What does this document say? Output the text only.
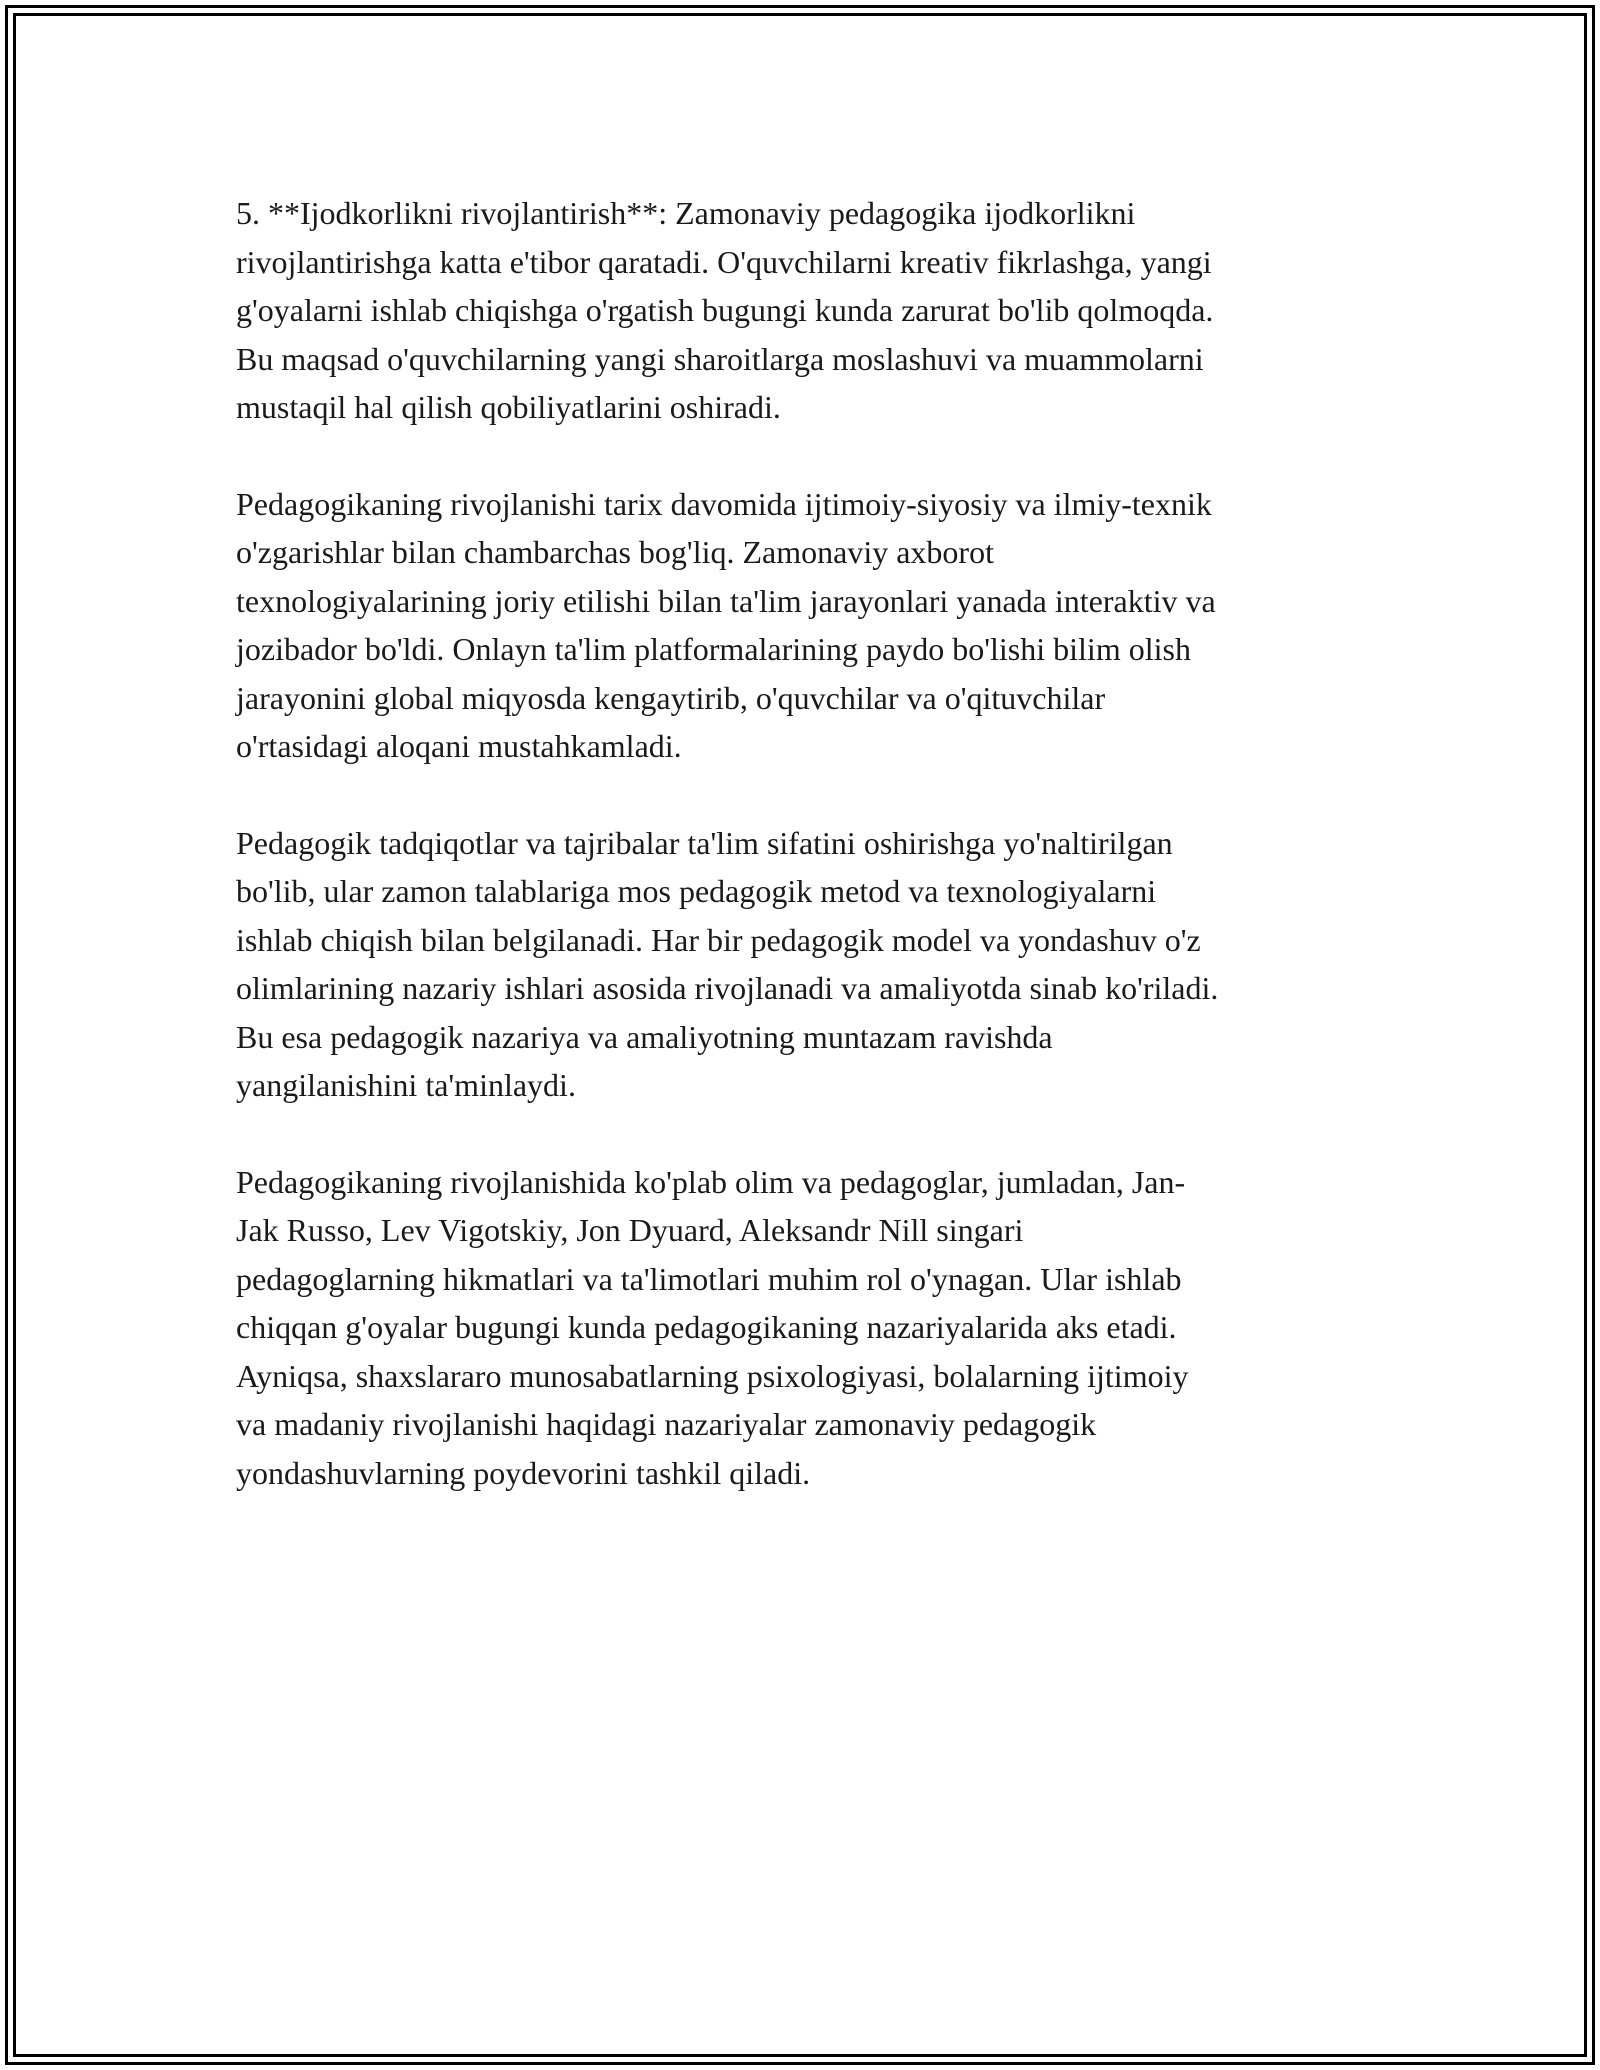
5. **Ijodkorlikni rivojlantirish**: Zamonaviy pedagogika ijodkorlikni
rivojlantirishga katta e'tibor qaratadi. O'quvchilarni kreativ fikrlashga, yangi
g'oyalarni ishlab chiqishga o'rgatish bugungi kunda zarurat bo'lib qolmoqda.
Bu maqsad o'quvchilarning yangi sharoitlarga moslashuvi va muammolarni
mustaqil hal qilish qobiliyatlarini oshiradi.

Pedagogikaning rivojlanishi tarix davomida ijtimoiy-siyosiy va ilmiy-texnik
o'zgarishlar bilan chambarchas bog'liq. Zamonaviy axborot
texnologiyalarining joriy etilishi bilan ta'lim jarayonlari yanada interaktiv va
jozibador bo'ldi. Onlayn ta'lim platformalarining paydo bo'lishi bilim olish
jarayonini global miqyosda kengaytirib, o'quvchilar va o'qituvchilar
o'rtasidagi aloqani mustahkamladi.

Pedagogik tadqiqotlar va tajribalar ta'lim sifatini oshirishga yo'naltirilgan
bo'lib, ular zamon talablariga mos pedagogik metod va texnologiyalarni
ishlab chiqish bilan belgilanadi. Har bir pedagogik model va yondashuv o'z
olimlarining nazariy ishlari asosida rivojlanadi va amaliyotda sinab ko'riladi.
Bu esa pedagogik nazariya va amaliyotning muntazam ravishda
yangilanishini ta'minlaydi.

Pedagogikaning rivojlanishida ko'plab olim va pedagoglar, jumladan, Jan-
Jak Russo, Lev Vigotskiy, Jon Dyuard, Aleksandr Nill singari
pedagoglarning hikmatlari va ta'limotlari muhim rol o'ynagan. Ular ishlab
chiqqan g'oyalar bugungi kunda pedagogikaning nazariyalarida aks etadi.
Ayniqsa, shaxslararo munosabatlarning psixologiyasi, bolalarning ijtimoiy
va madaniy rivojlanishi haqidagi nazariyalar zamonaviy pedagogik
yondashuvlarning poydevorini tashkil qiladi.
